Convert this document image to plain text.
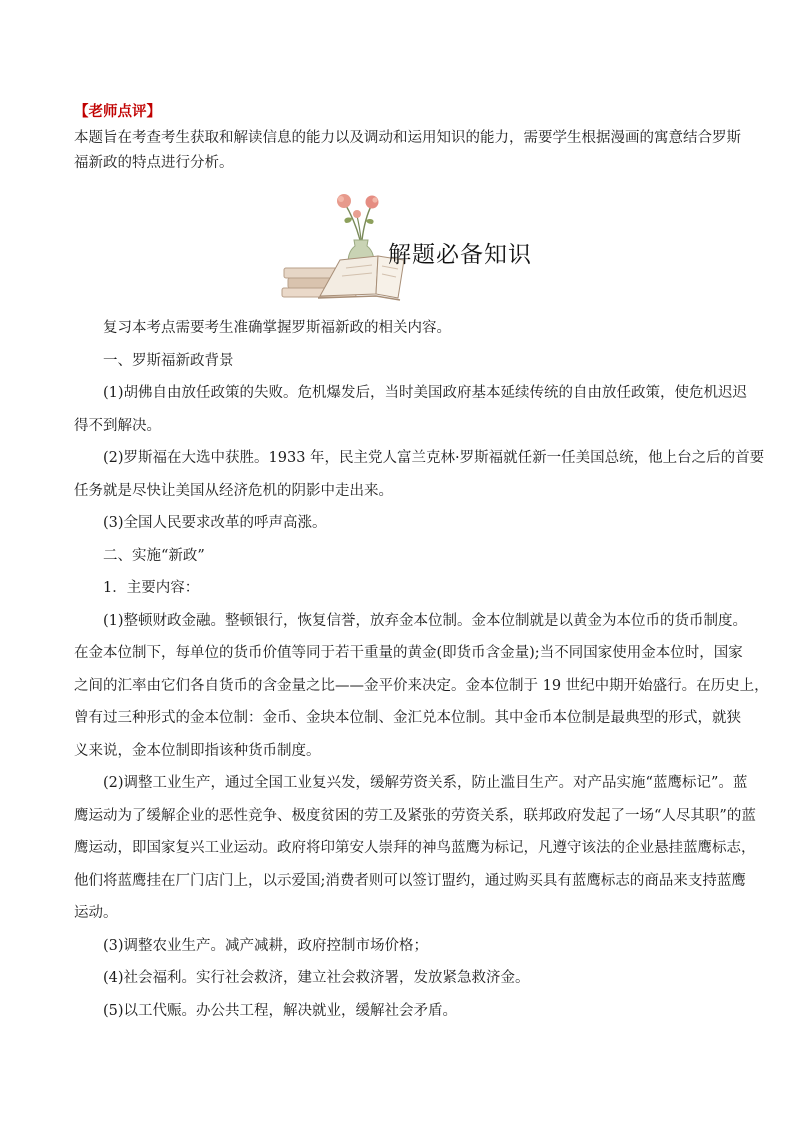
【老师点评】
本题旨在考查考生获取和解读信息的能力以及调动和运用知识的能力，需要学生根据漫画的寓意结合罗斯
福新政的特点进行分析。
解题必备知识
复习本考点需要考生准确掌握罗斯福新政的相关内容。
一、罗斯福新政背景
(1)胡佛自由放任政策的失败。危机爆发后，当时美国政府基本延续传统的自由放任政策，使危机迟迟
得不到解决。
(2)罗斯福在大选中获胜。1933 年，民主党人富兰克林·罗斯福就任新一任美国总统，他上台之后的首要
任务就是尽快让美国从经济危机的阴影中走出来。
(3)全国人民要求改革的呼声高涨。
二、实施“新政”
1．主要内容：
(1)整顿财政金融。整顿银行，恢复信誉，放弃金本位制。金本位制就是以黄金为本位币的货币制度。
在金本位制下，每单位的货币价值等同于若干重量的黄金(即货币含金量);当不同国家使用金本位时，国家
之间的汇率由它们各自货币的含金量之比——金平价来决定。金本位制于 19 世纪中期开始盛行。在历史上，
曾有过三种形式的金本位制：金币、金块本位制、金汇兑本位制。其中金币本位制是最典型的形式，就狭
义来说，金本位制即指该种货币制度。
(2)调整工业生产，通过全国工业复兴发，缓解劳资关系，防止滥目生产。对产品实施“蓝鹰标记”。蓝
鹰运动为了缓解企业的恶性竞争、极度贫困的劳工及紧张的劳资关系，联邦政府发起了一场“人尽其职”的蓝
鹰运动，即国家复兴工业运动。政府将印第安人崇拜的神鸟蓝鹰为标记，凡遵守该法的企业悬挂蓝鹰标志，
他们将蓝鹰挂在厂门店门上，以示爱国;消费者则可以签订盟约，通过购买具有蓝鹰标志的商品来支持蓝鹰
运动。
(3)调整农业生产。减产减耕，政府控制市场价格；
(4)社会福利。实行社会救济，建立社会救济署，发放紧急救济金。
(5)以工代赈。办公共工程，解决就业，缓解社会矛盾。
